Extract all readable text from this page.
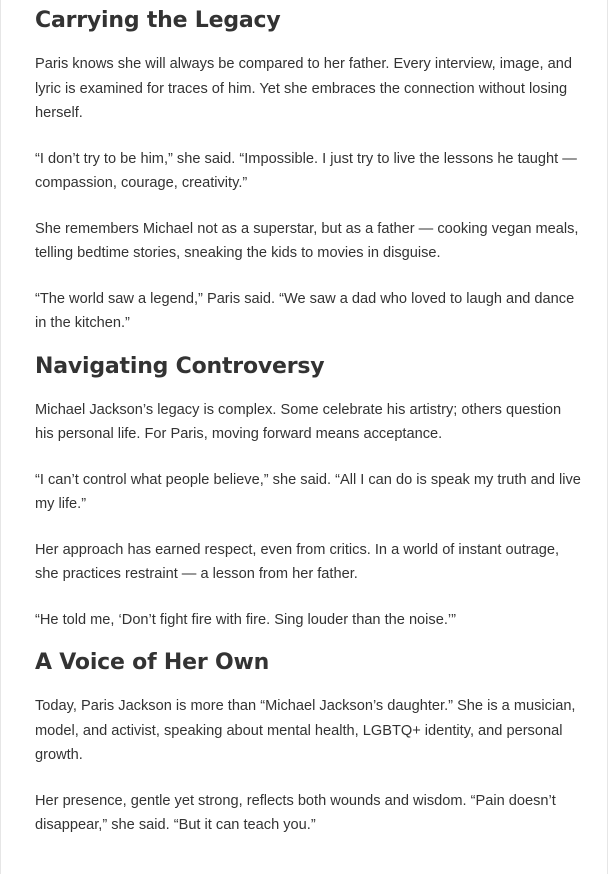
Carrying the Legacy

Paris knows she will always be compared to her father. Every interview, image, and lyric is examined for traces of him. Yet she embraces the connection without losing herself.

“I don’t try to be him,” she said. “Impossible. I just try to live the lessons he taught — compassion, courage, creativity.”

She remembers Michael not as a superstar, but as a father — cooking vegan meals, telling bedtime stories, sneaking the kids to movies in disguise.

“The world saw a legend,” Paris said. “We saw a dad who loved to laugh and dance in the kitchen.”

Navigating Controversy

Michael Jackson’s legacy is complex. Some celebrate his artistry; others question his personal life. For Paris, moving forward means acceptance.

“I can’t control what people believe,” she said. “All I can do is speak my truth and live my life.”

Her approach has earned respect, even from critics. In a world of instant outrage, she practices restraint — a lesson from her father.

“He told me, ‘Don’t fight fire with fire. Sing louder than the noise.’”

A Voice of Her Own

Today, Paris Jackson is more than “Michael Jackson’s daughter.” She is a musician, model, and activist, speaking about mental health, LGBTQ+ identity, and personal growth.

Her presence, gentle yet strong, reflects both wounds and wisdom. “Pain doesn’t disappear,” she said. “But it can teach you.”
